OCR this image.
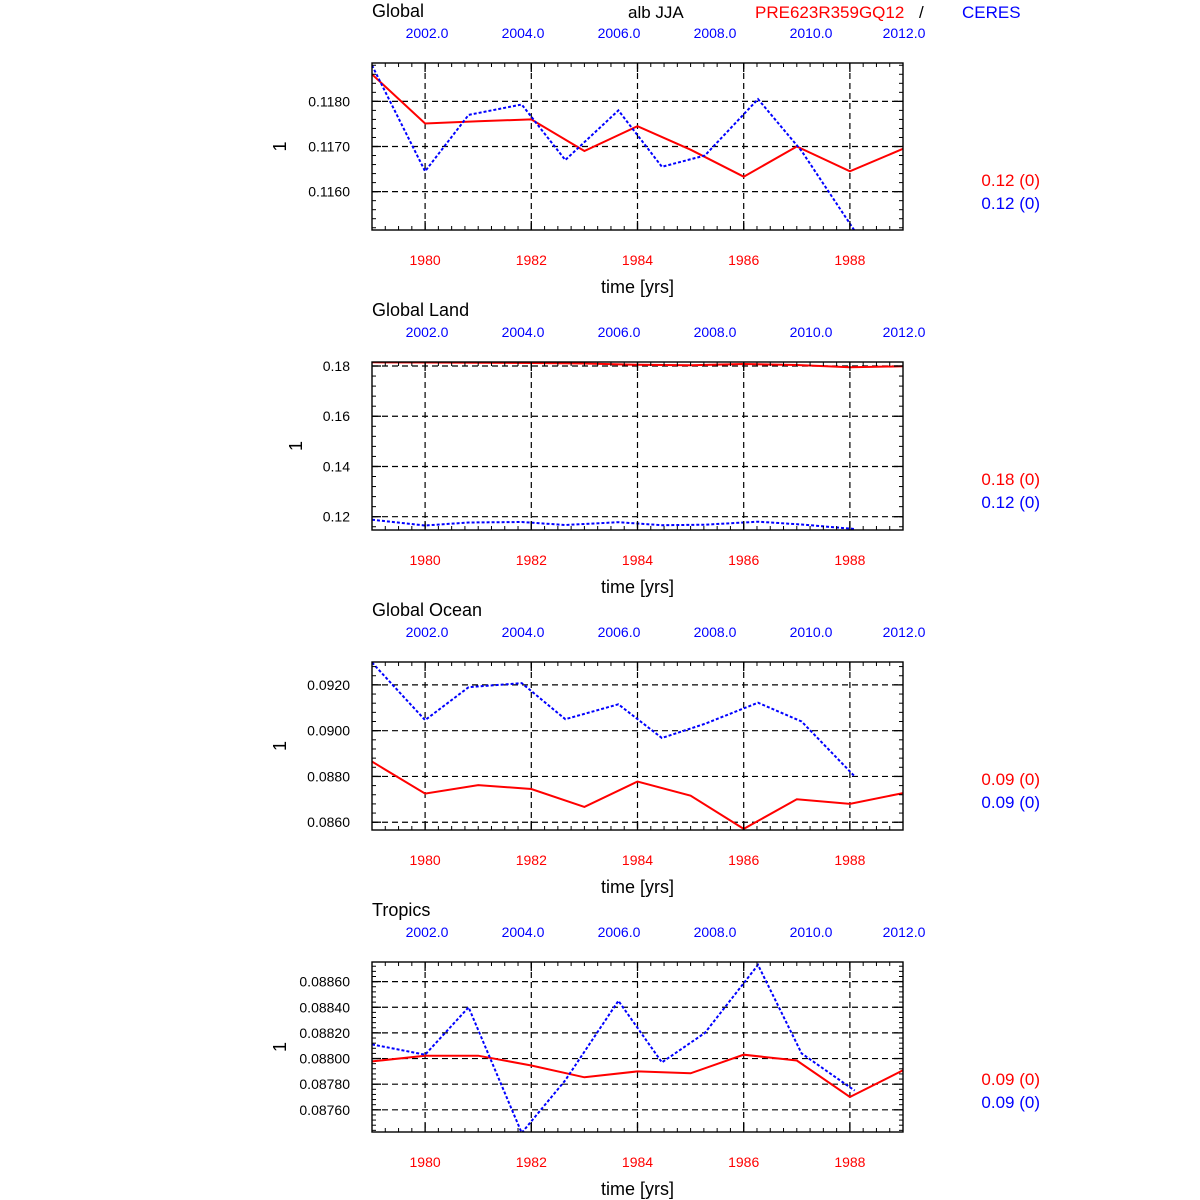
alb JJA	PRE623R359GQ12 / CERES
0.1160
0.1170
0.1180
1980	1982	1984	1986	1988
2002.0	2004.0	2006.0	2008.0	2010.0	2012.0
Global
time [yrs]
1
0.12 (0)
0.12 (0)
0.12
0.14
0.16
0.18
1980	1982	1984	1986	1988
2002.0	2004.0	2006.0	2008.0	2010.0	2012.0
Global Land
time [yrs]
1
0.18 (0)
0.12 (0)
0.0860
0.0880
0.0900
0.0920
1980	1982	1984	1986	1988
2002.0	2004.0	2006.0	2008.0	2010.0	2012.0
Global Ocean
time [yrs]
1
0.09 (0)
0.09 (0)
0.08760
0.08780
0.08800
0.08820
0.08840
0.08860
1980	1982	1984	1986	1988
2002.0	2004.0	2006.0	2008.0	2010.0	2012.0
Tropics
time [yrs]
1
0.09 (0)
0.09 (0)
